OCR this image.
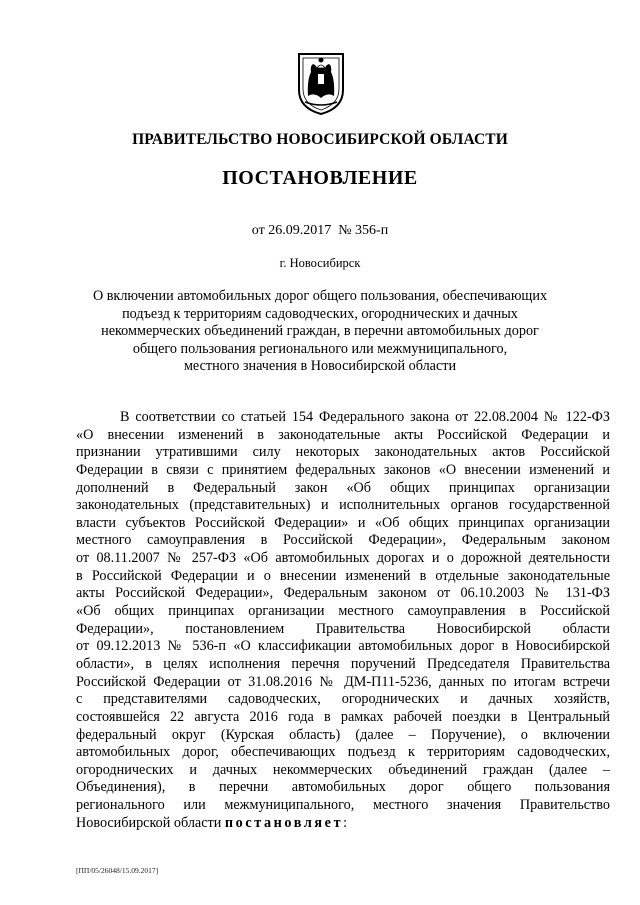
ПРАВИТЕЛЬСТВО НОВОСИБИРСКОЙ ОБЛАСТИ
ПОСТАНОВЛЕНИЕ
от 26.09.2017 № 356-п
г. Новосибирск
О включении автомобильных дорог общего пользования, обеспечивающих
подъезд к территориям садоводческих, огороднических и дачных
некоммерческих объединений граждан, в перечни автомобильных дорог
общего пользования регионального или межмуниципального,
местного значения в Новосибирской области
В соответствии со статьей 154 Федерального закона от 22.08.2004 № 122-ФЗ
«О внесении изменений в законодательные акты Российской Федерации и
признании утратившими силу некоторых законодательных актов Российской
Федерации в связи с принятием федеральных законов «О внесении изменений и
дополнений в Федеральный закон «Об общих принципах организации
законодательных (представительных) и исполнительных органов государственной
власти субъектов Российской Федерации» и «Об общих принципах организации
местного самоуправления в Российской Федерации», Федеральным законом
от 08.11.2007 № 257-ФЗ «Об автомобильных дорогах и о дорожной деятельности
в Российской Федерации и о внесении изменений в отдельные законодательные
акты Российской Федерации», Федеральным законом от 06.10.2003 № 131-ФЗ
«Об общих принципах организации местного самоуправления в Российской
Федерации», постановлением Правительства Новосибирской области
от 09.12.2013 № 536-п «О классификации автомобильных дорог в Новосибирской
области», в целях исполнения перечня поручений Председателя Правительства
Российской Федерации от 31.08.2016 № ДМ-П11-5236, данных по итогам встречи
с представителями садоводческих, огороднических и дачных хозяйств,
состоявшейся 22 августа 2016 года в рамках рабочей поездки в Центральный
федеральный округ (Курская область) (далее – Поручение), о включении
автомобильных дорог, обеспечивающих подъезд к территориям садоводческих,
огороднических и дачных некоммерческих объединений граждан (далее –
Объединения), в перечни автомобильных дорог общего пользования
регионального или межмуниципального, местного значения Правительство
Новосибирской области постановляет:
[ПП/05/26048/15.09.2017]
